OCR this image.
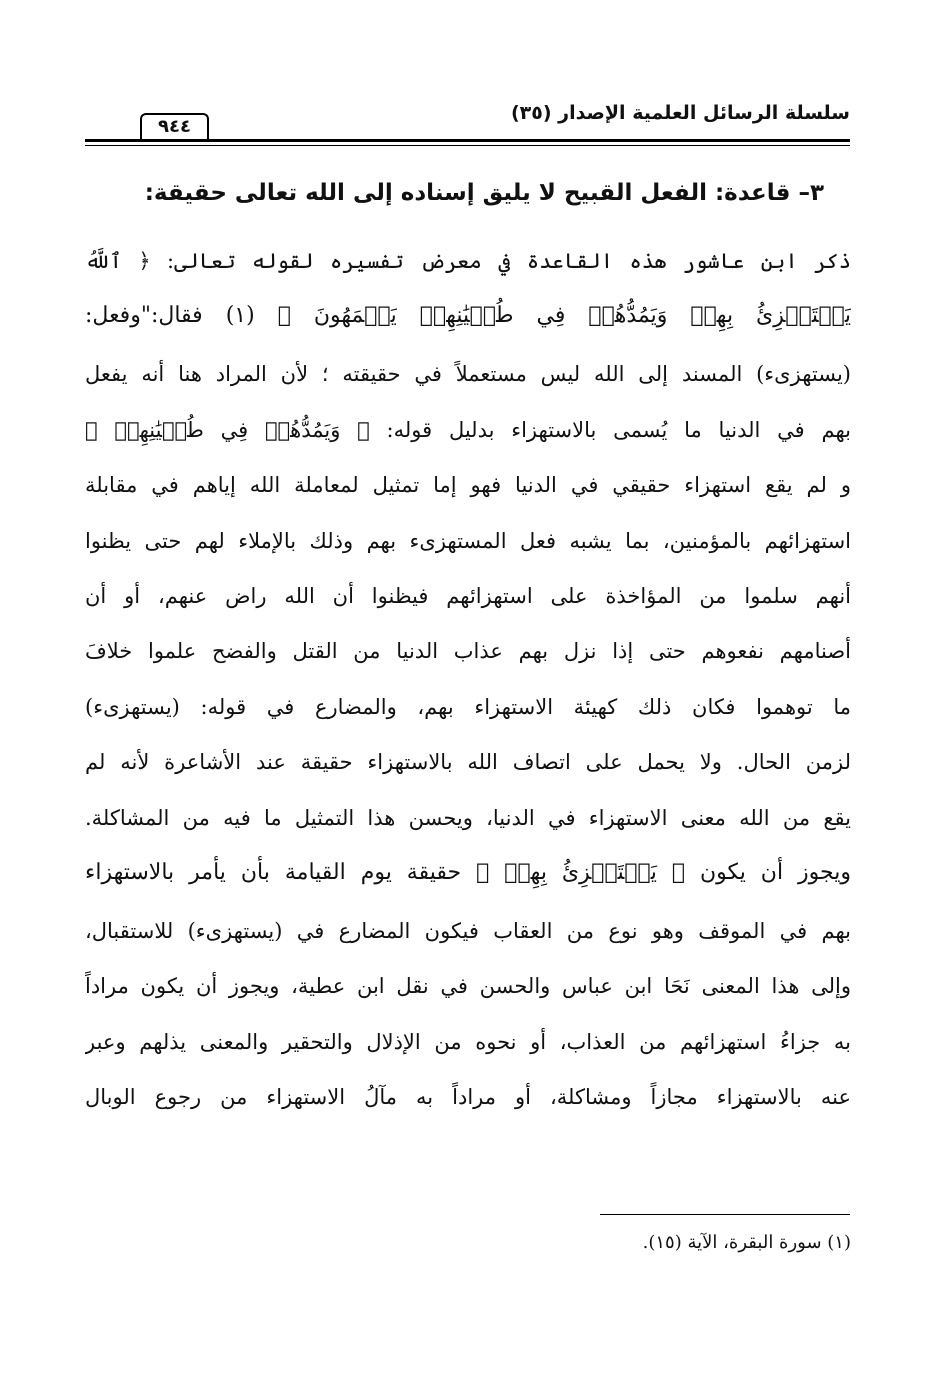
سلسلة الرسائل العلمية الإصدار (٣٥)
٩٤٤
٣– قاعدة: الفعل القبيح لا يليق إسناده إلى الله تعالى حقيقة:
ذكر ابن عاشور هذه القاعدة في معرض تفسيره لقوله تعالى: ﴿ ٱللَّهُ
يَسۡتَهۡزِئُ بِهِمۡ وَيَمُدُّهُمۡ فِي طُغۡيَٰنِهِمۡ يَعۡمَهُونَ ﴾ (١) فقال:"وفعل:
(يستهزىء) المسند إلى الله ليس مستعملاً في حقيقته ؛ لأن المراد هنا أنه يفعل
بهم في الدنيا ما يُسمى بالاستهزاء بدليل قوله: ﴿ وَيَمُدُّهُمۡ فِي طُغۡيَٰنِهِمۡ ﴾
و لم يقع استهزاء حقيقي في الدنيا فهو إما تمثيل لمعاملة الله إياهم في مقابلة
استهزائهم بالمؤمنين، بما يشبه فعل المستهزىء بهم وذلك بالإملاء لهم حتى يظنوا
أنهم سلموا من المؤاخذة على استهزائهم فيظنوا أن الله راض عنهم، أو أن
أصنامهم نفعوهم حتى إذا نزل بهم عذاب الدنيا من القتل والفضح علموا خلافَ
ما توهموا فكان ذلك كهيئة الاستهزاء بهم، والمضارع في قوله: (يستهزىء)
لزمن الحال. ولا يحمل على اتصاف الله بالاستهزاء حقيقة عند الأشاعرة لأنه لم
يقع من الله معنى الاستهزاء في الدنيا، ويحسن هذا التمثيل ما فيه من المشاكلة.
ويجوز أن يكون ﴿ يَسۡتَهۡزِئُ بِهِمۡ ﴾ حقيقة يوم القيامة بأن يأمر بالاستهزاء
بهم في الموقف وهو نوع من العقاب فيكون المضارع في (يستهزىء) للاستقبال،
وإلى هذا المعنى نَحَا ابن عباس والحسن في نقل ابن عطية، ويجوز أن يكون مراداً
به جزاءُ استهزائهم من العذاب، أو نحوه من الإذلال والتحقير والمعنى يذلهم وعبر
عنه بالاستهزاء مجازاً ومشاكلة، أو مراداً به مآلُ الاستهزاء من رجوع الوبال
(١) سورة البقرة، الآية (١٥).
